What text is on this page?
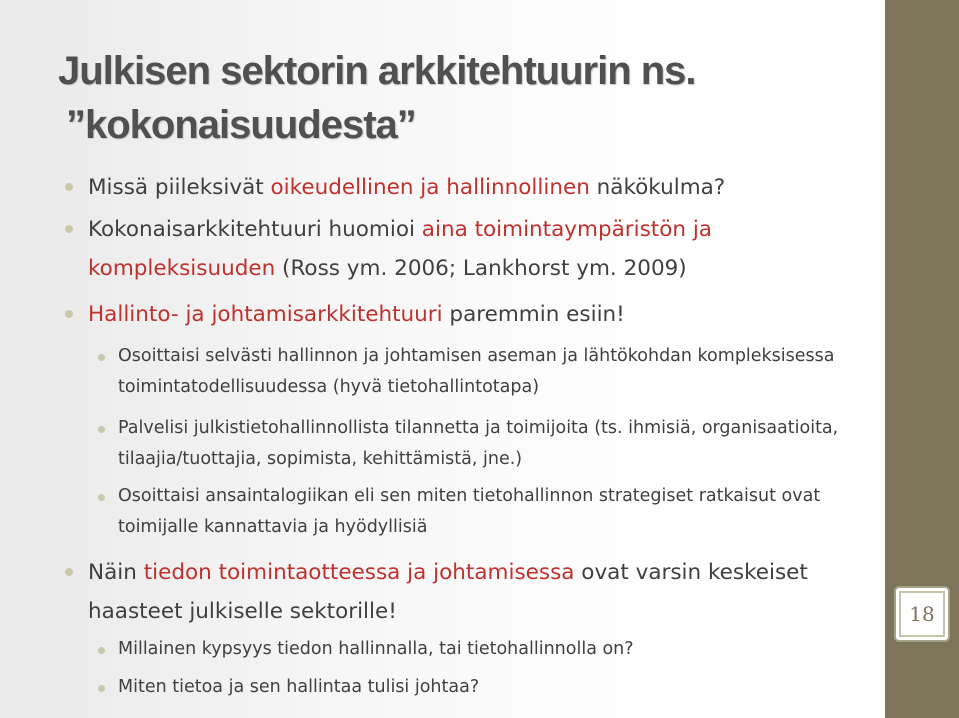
18
Julkisen sektorin arkkitehtuurin ns.
”kokonaisuudesta”
Missä piileksivät oikeudellinen ja hallinnollinen näkökulma?
Kokonaisarkkitehtuuri huomioi aina toimintaympäristön ja kompleksisuuden (Ross ym. 2006; Lankhorst ym. 2009)
Hallinto- ja johtamisarkkitehtuuri paremmin esiin!
Osoittaisi selvästi hallinnon ja johtamisen aseman ja lähtökohdan kompleksisessa toimintatodellisuudessa (hyvä tietohallintotapa)
Palvelisi julkistietohallinnollista tilannetta ja toimijoita (ts. ihmisiä, organisaatioita, tilaajia/tuottajia, sopimista, kehittämistä, jne.)
Osoittaisi ansaintalogiikan eli sen miten tietohallinnon strategiset ratkaisut ovat toimijalle kannattavia ja hyödyllisiä
Näin tiedon toimintaotteessa ja johtamisessa ovat varsin keskeiset haasteet julkiselle sektorille!
Millainen kypsyys tiedon hallinnalla, tai tietohallinnolla on?
Miten tietoa ja sen hallintaa tulisi johtaa?
